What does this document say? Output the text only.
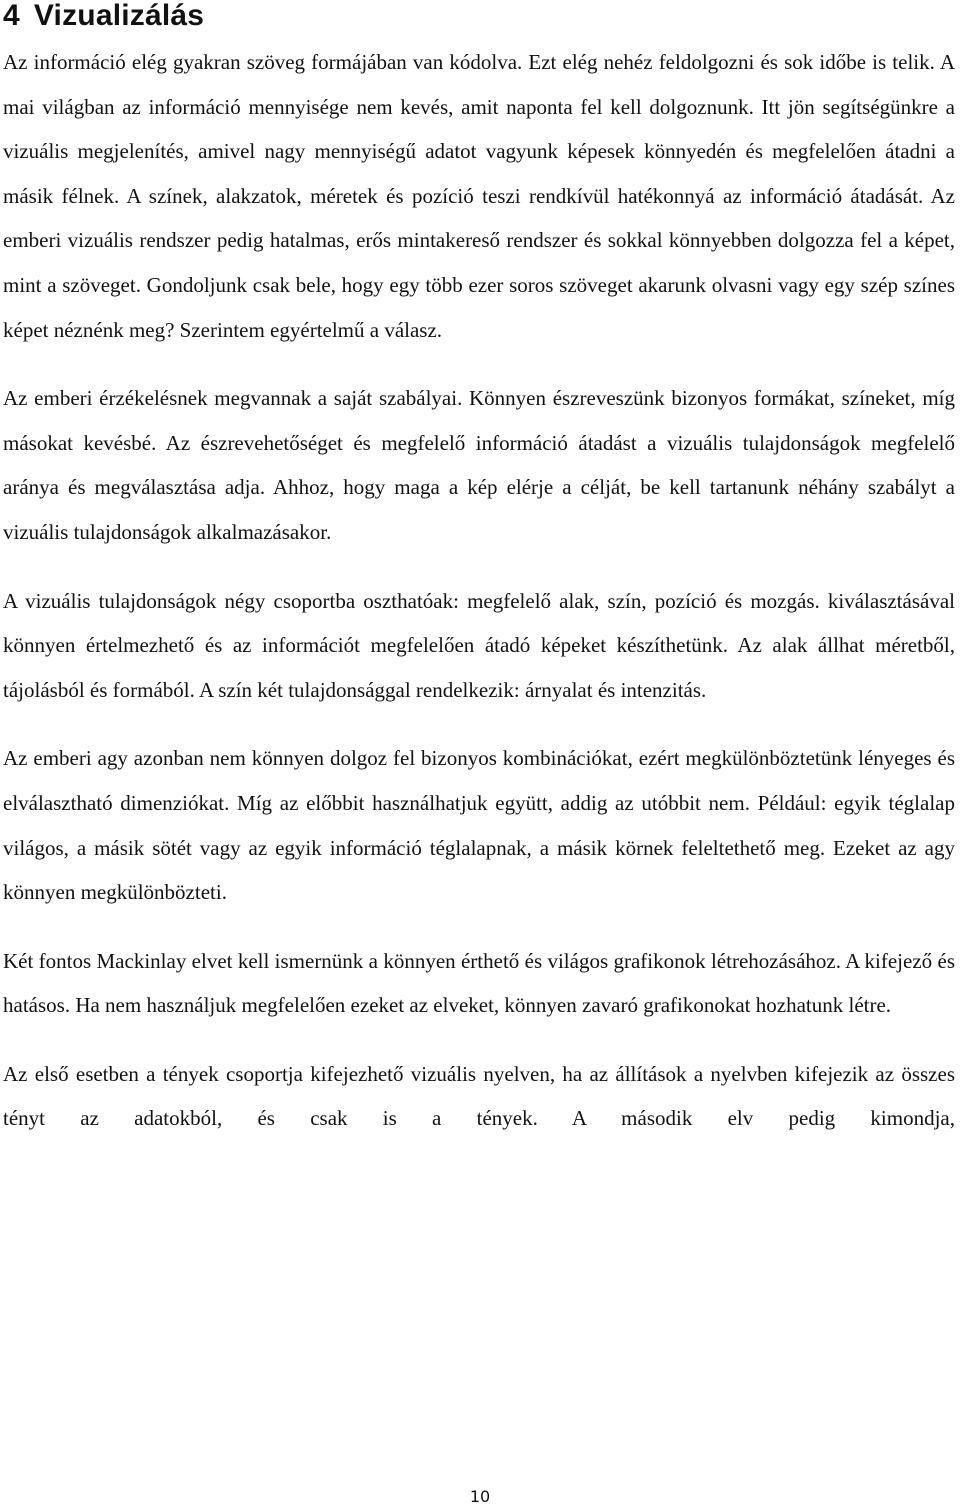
4 Vizualizálás

Az információ elég gyakran szöveg formájában van kódolva. Ezt elég nehéz feldolgozni és sok időbe is telik. A mai világban az információ mennyisége nem kevés, amit naponta fel kell dolgoznunk. Itt jön segítségünkre a vizuális megjelenítés, amivel nagy mennyiségű adatot vagyunk képesek könnyedén és megfelelően átadni a másik félnek. A színek, alakzatok, méretek és pozíció teszi rendkívül hatékonnyá az információ átadását. Az emberi vizuális rendszer pedig hatalmas, erős mintakereső rendszer és sokkal könnyebben dolgozza fel a képet, mint a szöveget. Gondoljunk csak bele, hogy egy több ezer soros szöveget akarunk olvasni vagy egy szép színes képet néznénk meg? Szerintem egyértelmű a válasz.

Az emberi érzékelésnek megvannak a saját szabályai. Könnyen észreveszünk bizonyos formákat, színeket, míg másokat kevésbé. Az észrevehetőséget és megfelelő információ átadást a vizuális tulajdonságok megfelelő aránya és megválasztása adja. Ahhoz, hogy maga a kép elérje a célját, be kell tartanunk néhány szabályt a vizuális tulajdonságok alkalmazásakor.

A vizuális tulajdonságok négy csoportba oszthatóak: megfelelő alak, szín, pozíció és mozgás. kiválasztásával könnyen értelmezhető és az információt megfelelően átadó képeket készíthetünk. Az alak állhat méretből, tájolásból és formából. A szín két tulajdonsággal rendelkezik: árnyalat és intenzitás.

Az emberi agy azonban nem könnyen dolgoz fel bizonyos kombinációkat, ezért megkülönböztetünk lényeges és elválasztható dimenziókat. Míg az előbbit használhatjuk együtt, addig az utóbbit nem. Például: egyik téglalap világos, a másik sötét vagy az egyik információ téglalapnak, a másik körnek feleltethető meg. Ezeket az agy könnyen megkülönbözteti.

Két fontos Mackinlay elvet kell ismernünk a könnyen érthető és világos grafikonok létrehozásához. A kifejező és hatásos. Ha nem használjuk megfelelően ezeket az elveket, könnyen zavaró grafikonokat hozhatunk létre.

Az első esetben a tények csoportja kifejezhető vizuális nyelven, ha az állítások a nyelvben kifejezik az összes tényt az adatokból, és csak is a tények. A második elv pedig kimondja,

10
